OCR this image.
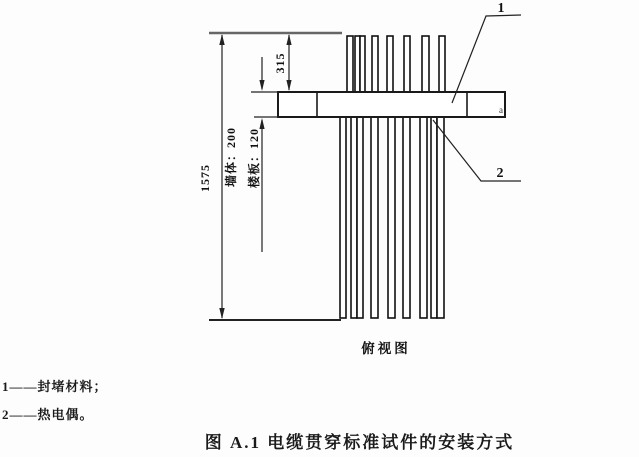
a
1575
315
墙体：200 楼板：120
1
2
俯视图
1——封堵材料；
2——热电偶。
图 A.1 电缆贯穿标准试件的安装方式
